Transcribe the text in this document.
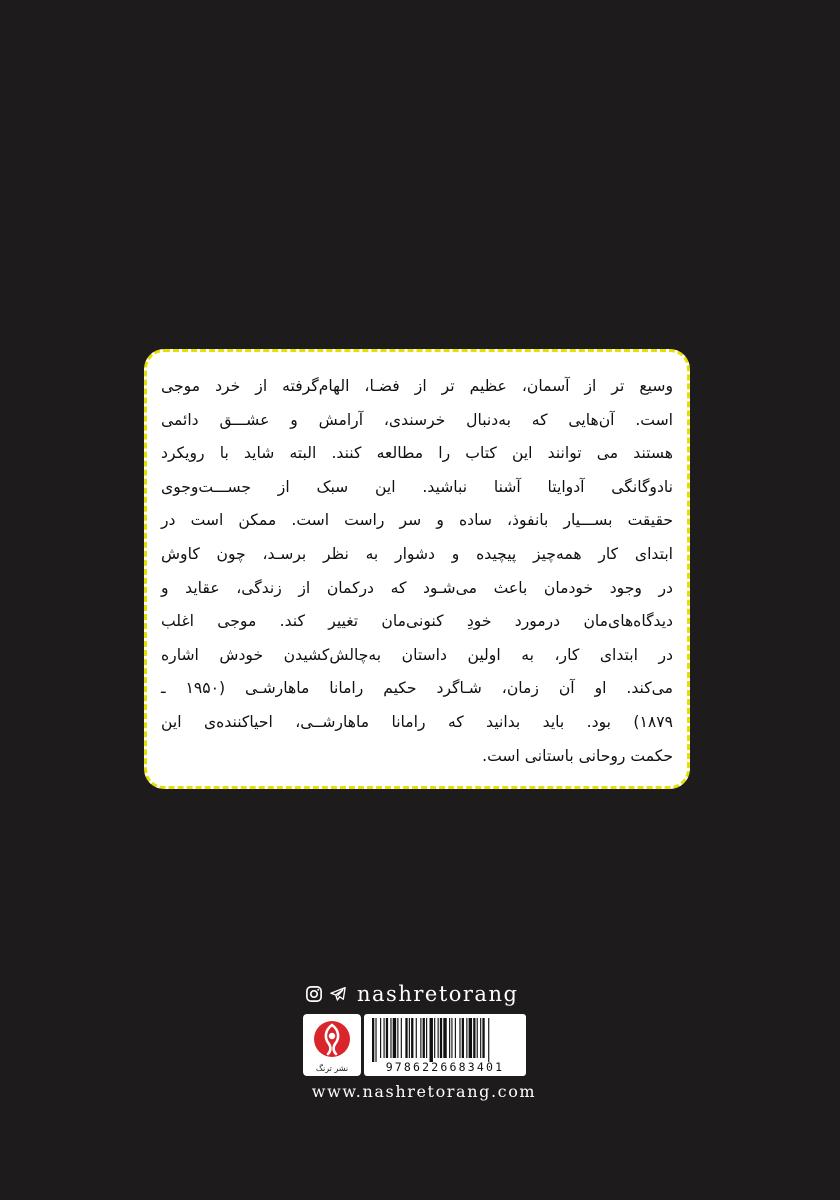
وسیع تر از آسمان، عظیم تر از فضـا، الهام‌گرفته از خرد موجی
است. آن‌هایی که به‌دنبال خرسندی، آرامش و عشـــق دائمی
هستند می توانند این کتاب را مطالعه کنند. البته شاید با رویکرد
نادوگانگی آدوایتا آشنا نباشید. این سبک از جســـت‌وجوی
حقیقت بســـیار بانفوذ، ساده و سر راست است. ممکن است در
ابتدای کار همه‌چیز پیچیده و دشوار به نظر برسـد، چون کاوش
در وجود خودمان باعث می‌شـود که درکمان از زندگی، عقاید و
دیدگاه‌های‌مان درمورد خودِ کنونی‌مان تغییر کند. موجی اغلب
در ابتدای کار، به اولین داستان به‌چالش‌کشیدن خودش اشاره
می‌کند. او آن زمان، شـاگرد حکیم رامانا ماهارشـی (۱۹۵۰ ـ
۱۸۷۹) بود. باید بدانید که رامانا ماهارشــی، احیاکننده‌ی این
حکمت روحانی باستانی است.
nashretorang
نشر ترنگ	9786226683401
www.nashretorang.com
